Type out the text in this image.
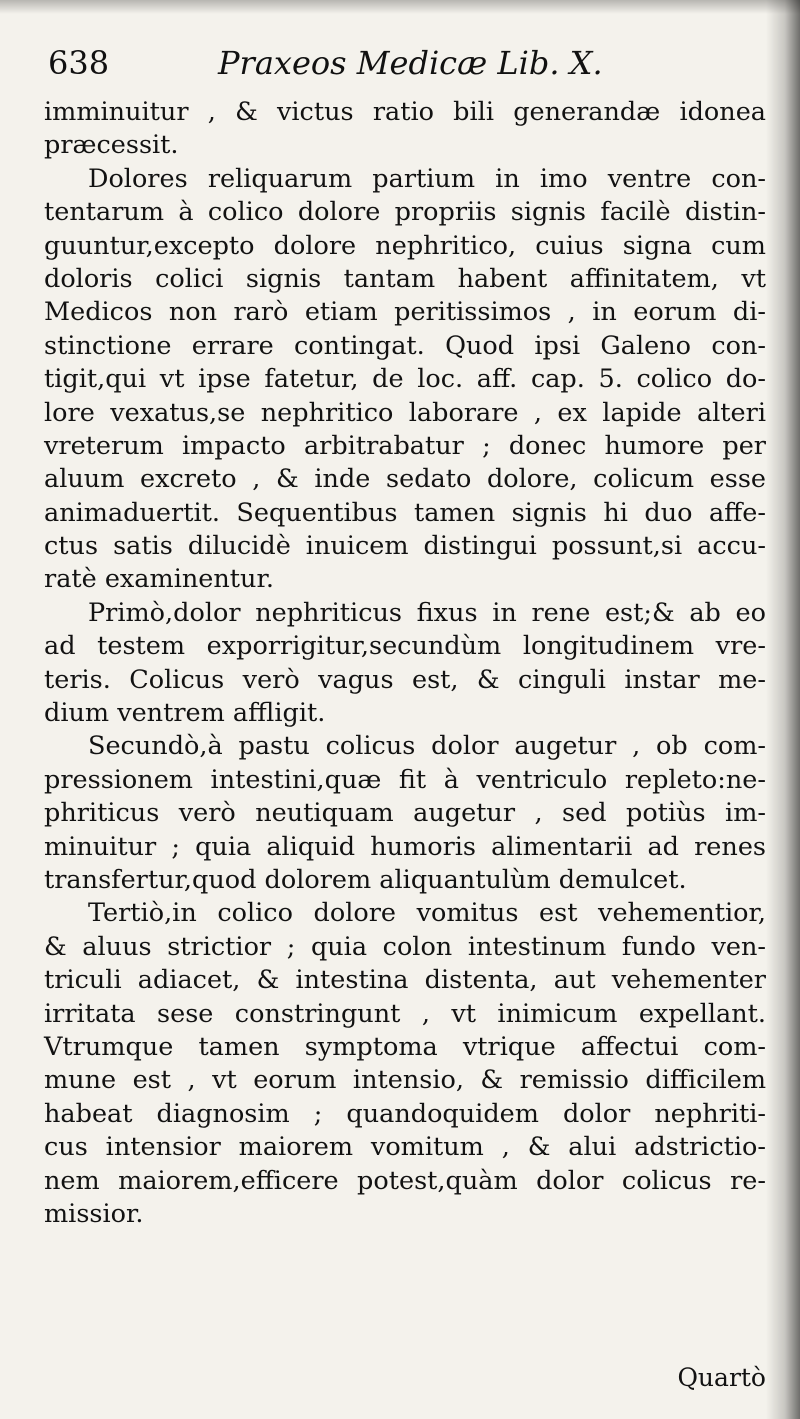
638	Praxeos Medicæ Lib. X.
imminuitur , & victus ratio bili generandæ idonea
præcessit.
Dolores reliquarum partium in imo ventre con-
tentarum à colico dolore propriis signis facilè distin-
guuntur,excepto dolore nephritico, cuius signa cum
doloris colici signis tantam habent affinitatem, vt
Medicos non rarò etiam peritissimos , in eorum di-
stinctione errare contingat. Quod ipsi Galeno con-
tigit,qui vt ipse fatetur, de loc. aff. cap. 5. colico do-
lore vexatus,se nephritico laborare , ex lapide alteri
vreterum impacto arbitrabatur ; donec humore per
aluum excreto , & inde sedato dolore, colicum esse
animaduertit. Sequentibus tamen signis hi duo affe-
ctus satis dilucidè inuicem distingui possunt,si accu-
ratè examinentur.
Primò,dolor nephriticus fixus in rene est;& ab eo
ad testem exporrigitur,secundùm longitudinem vre-
teris. Colicus verò vagus est, & cinguli instar me-
dium ventrem affligit.
Secundò,à pastu colicus dolor augetur , ob com-
pressionem intestini,quæ fit à ventriculo repleto:ne-
phriticus verò neutiquam augetur , sed potiùs im-
minuitur ; quia aliquid humoris alimentarii ad renes
transfertur,quod dolorem aliquantulùm demulcet.
Tertiò,in colico dolore vomitus est vehementior,
& aluus strictior ; quia colon intestinum fundo ven-
triculi adiacet, & intestina distenta, aut vehementer
irritata sese constringunt , vt inimicum expellant.
Vtrumque tamen symptoma vtrique affectui com-
mune est , vt eorum intensio, & remissio difficilem
habeat diagnosim ; quandoquidem dolor nephriti-
cus intensior maiorem vomitum , & alui adstrictio-
nem maiorem,efficere potest,quàm dolor colicus re-
missior.
Quartò
